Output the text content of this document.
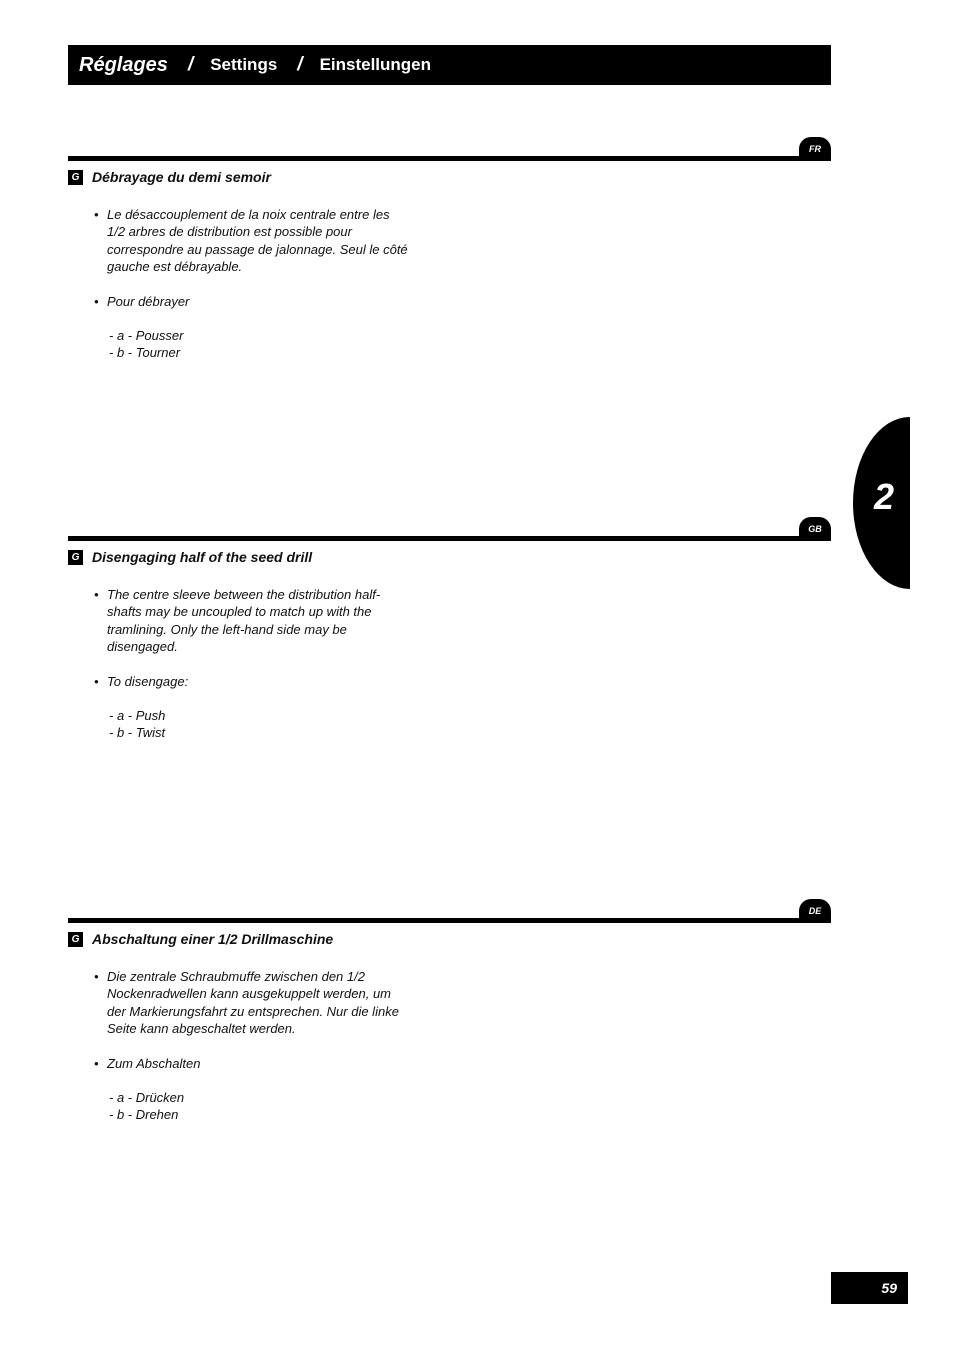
Réglages / Settings / Einstellungen
FR
G Débrayage du demi semoir
• Le désaccouplement de la noix centrale entre les
1/2 arbres de distribution est possible pour
correspondre au passage de jalonnage. Seul le côté
gauche est débrayable.
• Pour débrayer
- a - Pousser
- b - Tourner
GB
G Disengaging half of the seed drill
• The centre sleeve between the distribution half-
shafts may be uncoupled to match up with the
tramlining. Only the left-hand side may be
disengaged.
• To disengage:
- a - Push
- b - Twist
DE
G Abschaltung einer 1/2 Drillmaschine
• Die zentrale Schraubmuffe zwischen den 1/2
Nockenradwellen kann ausgekuppelt werden, um
der Markierungsfahrt zu entsprechen. Nur die linke
Seite kann abgeschaltet werden.
• Zum Abschalten
- a - Drücken
- b - Drehen
2
59
